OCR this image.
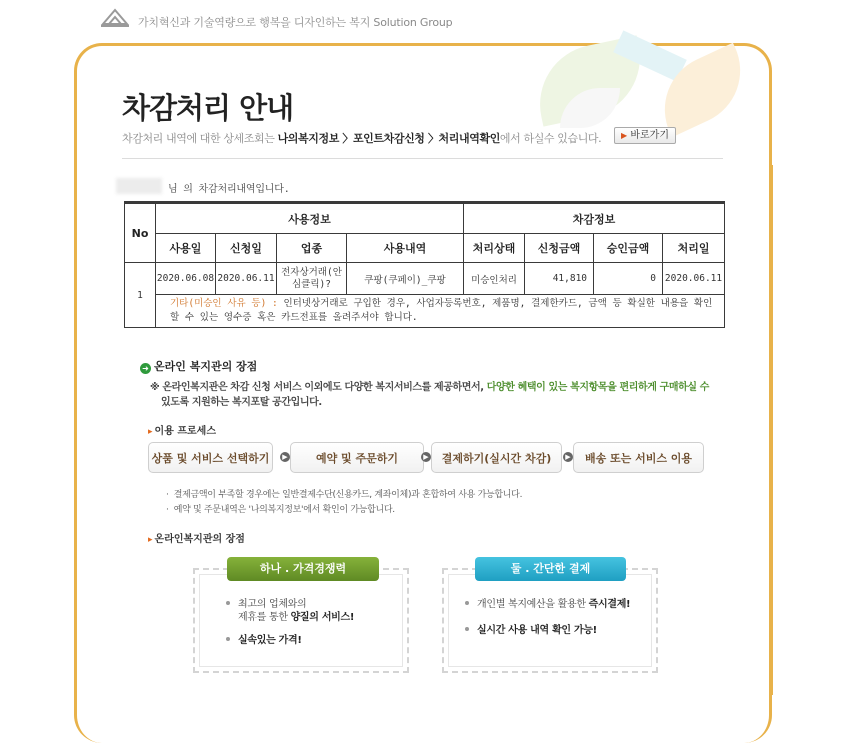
가치혁신과 기술역량으로 행복을 디자인하는 복지 Solution Group
차감처리 안내
차감처리 내역에 대한 상세조회는 나의복지정보 〉포인트차감신청 〉처리내역확인에서 하실수 있습니다.	▶ 바로가기
님 의 차감처리내역입니다.
No	사용정보				차감정보			
	사용일	신청일	업종	사용내역	처리상태	신청금액	승인금액	처리일
1	2020.06.08	2020.06.11	전자상거래(안심클릭)?	쿠팡(쿠페이)_쿠팡	미승인처리	41,810	0	2020.06.11
	기타(미승인 사유 등) : 인터넷상거래로 구입한 경우, 사업자등록번호, 제품명, 결제한카드, 금액 등 확실한 내용을 확인할 수 있는 영수증 혹은 카드전표를 올려주셔야 합니다.							
➜ 온라인 복지관의 장점
※ 온라인복지관은 차감 신청 서비스 이외에도 다양한 복지서비스를 제공하면서, 다양한 혜택이 있는 복지항목을 편리하게 구매하실 수
있도록 지원하는 복지포탈 공간입니다.
▸ 이용 프로세스
상품 및 서비스 선택하기	▶	예약 및 주문하기	▶	결제하기(실시간 차감)	▶	배송 또는 서비스 이용
·  결제금액이 부족할 경우에는 일반결제수단(신용카드, 계좌이체)과 혼합하여 사용 가능합니다.
·  예약 및 주문내역은 '나의복지정보'에서 확인이 가능합니다.
▸ 온라인복지관의 장점
하나 . 가격경쟁력
최고의 업체와의
제휴를 통한 양질의 서비스!
실속있는 가격!
둘 . 간단한 결제
개인별 복지예산을 활용한 즉시결제!
실시간 사용 내역 확인 가능!
